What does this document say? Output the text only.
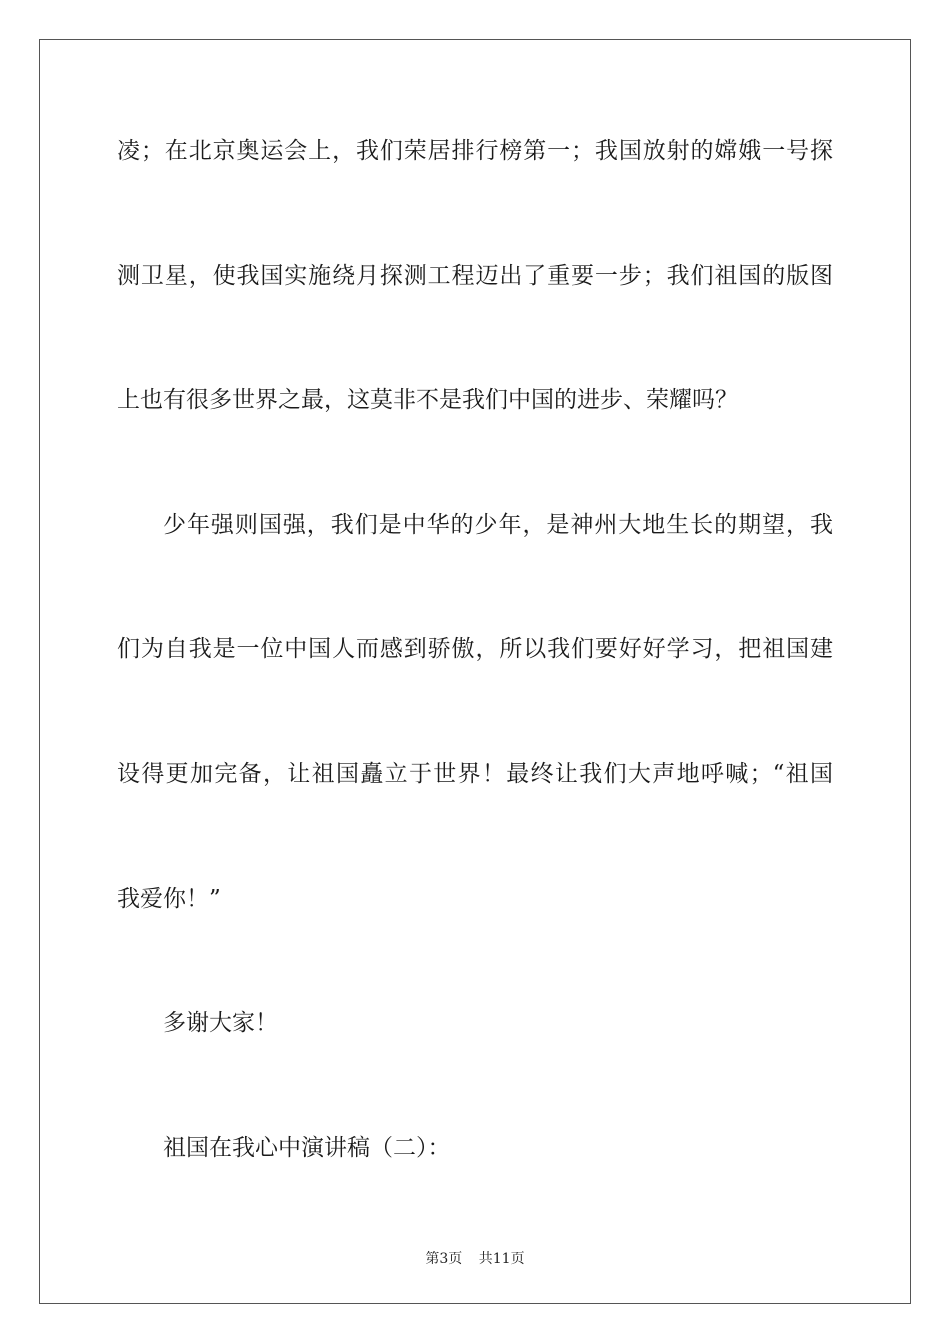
凌；在北京奥运会上，我们荣居排行榜第一；我国放射的嫦娥一号探
测卫星，使我国实施绕月探测工程迈出了重要一步；我们祖国的版图
上也有很多世界之最，这莫非不是我们中国的进步、荣耀吗？
少年强则国强，我们是中华的少年，是神州大地生长的期望，我
们为自我是一位中国人而感到骄傲，所以我们要好好学习，把祖国建
设得更加完备，让祖国矗立于世界！最终让我们大声地呼喊；“祖国
我爱你！”
多谢大家！
祖国在我心中演讲稿（二）：
第3页 共11页
